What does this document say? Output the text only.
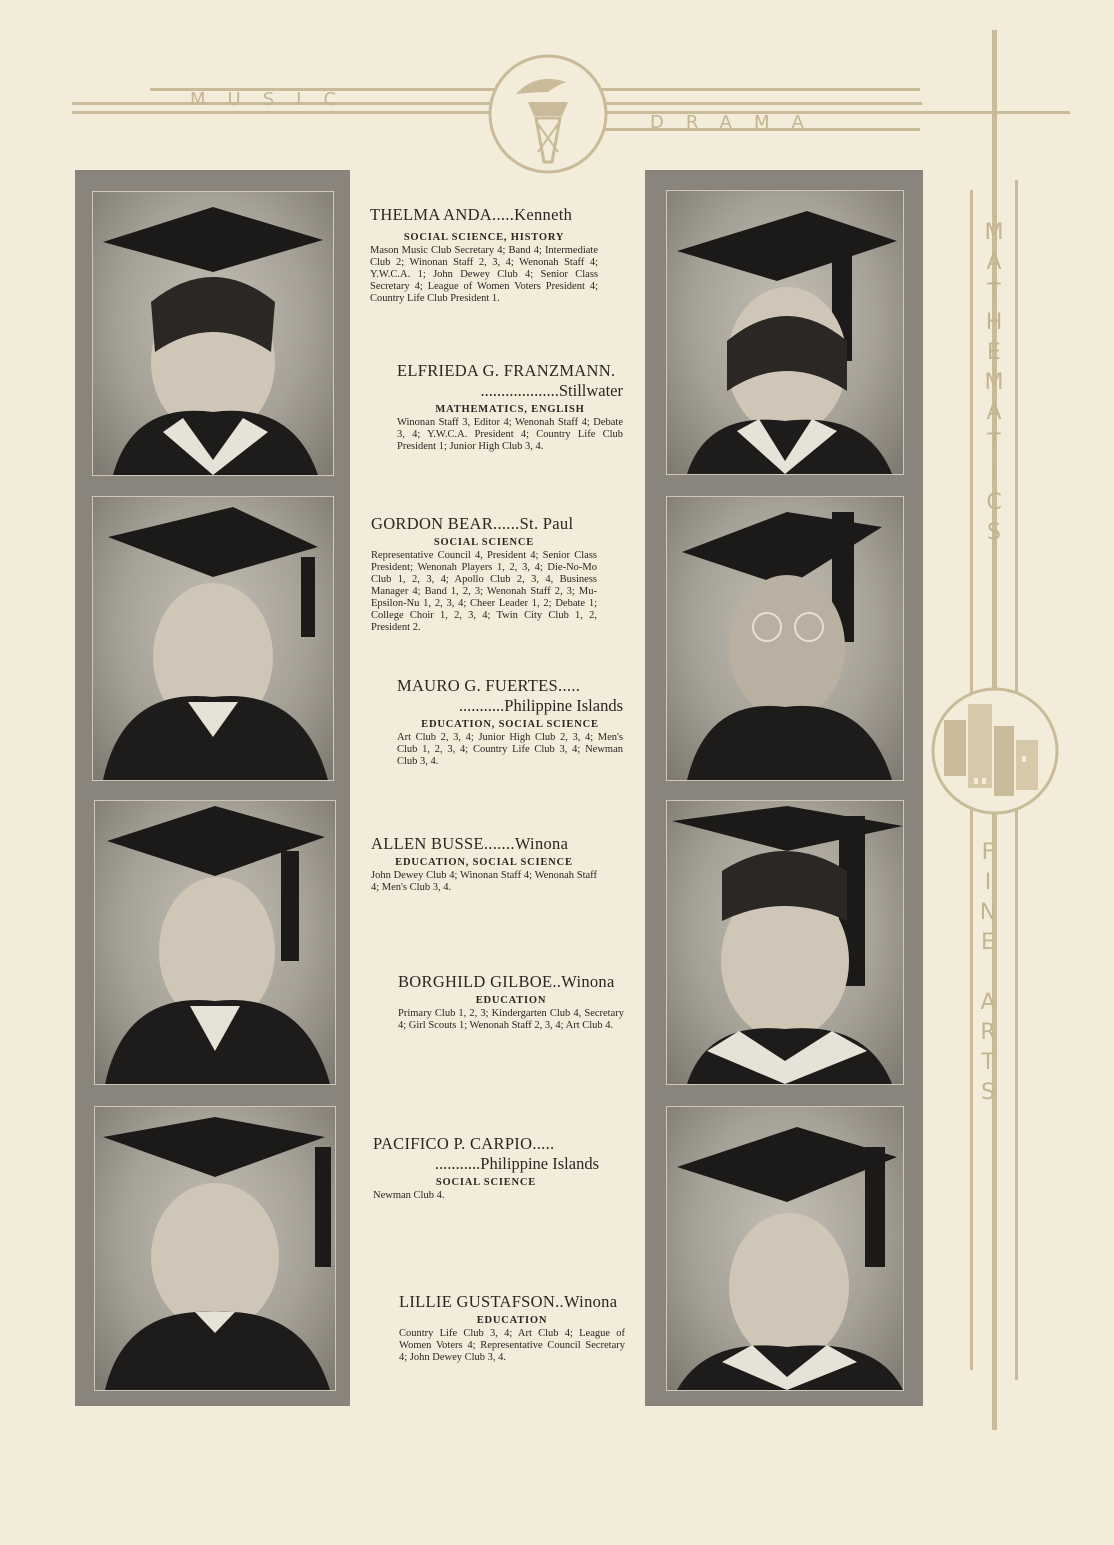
MUSIC
DRAMA
M
A
T
H
E
M
A
T
I
C
S
F
I
N
E

A
R
T
S
THELMA ANDA.....Kenneth
SOCIAL SCIENCE, HISTORY
Mason Music Club Secretary 4; Band 4; Intermediate Club 2; Winonan Staff 2, 3, 4; Wenonah Staff 4; Y.W.C.A. 1; John Dewey Club 4; Senior Class Secretary 4; League of Women Voters President 4; Country Life Club President 1.
ELFRIEDA G. FRANZMANN.
...................Stillwater
MATHEMATICS, ENGLISH
Winonan Staff 3, Editor 4; Wenonah Staff 4; Debate 3, 4; Y.W.C.A. President 4; Country Life Club President 1; Junior High Club 3, 4.
GORDON BEAR......St. Paul
SOCIAL SCIENCE
Representative Council 4, President 4; Senior Class President; Wenonah Players 1, 2, 3, 4; Die-No-Mo Club 1, 2, 3, 4; Apollo Club 2, 3, 4, Business Manager 4; Band 1, 2, 3; Wenonah Staff 2, 3; Mu-Epsilon-Nu 1, 2, 3, 4; Cheer Leader 1, 2; Debate 1; College Choir 1, 2, 3, 4; Twin City Club 1, 2, President 2.
MAURO G. FUERTES.....
...........Philippine Islands
EDUCATION, SOCIAL SCIENCE
Art Club 2, 3, 4; Junior High Club 2, 3, 4; Men's Club 1, 2, 3, 4; Country Life Club 3, 4; Newman Club 3, 4.
ALLEN BUSSE.......Winona
EDUCATION, SOCIAL SCIENCE
John Dewey Club 4; Winonan Staff 4; Wenonah Staff 4; Men's Club 3, 4.
BORGHILD GILBOE..Winona
EDUCATION
Primary Club 1, 2, 3; Kindergarten Club 4, Secretary 4; Girl Scouts 1; Wenonah Staff 2, 3, 4; Art Club 4.
PACIFICO P. CARPIO.....
...........Philippine Islands
SOCIAL SCIENCE
Newman Club 4.
LILLIE GUSTAFSON..Winona
EDUCATION
Country Life Club 3, 4; Art Club 4; League of Women Voters 4; Representative Council Secretary 4; John Dewey Club 3, 4.
